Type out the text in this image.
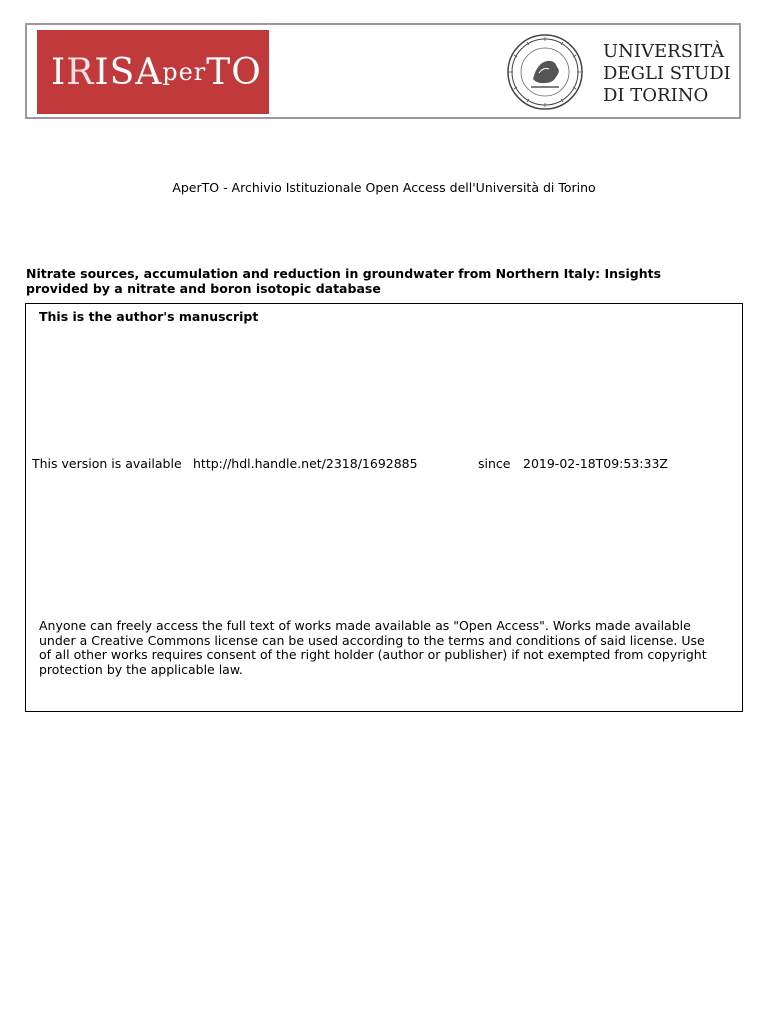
I R IS A per TO	UNIVERSITÀ
DEGLI STUDI
DI TORINO
AperTO - Archivio Istituzionale Open Access dell'Università di Torino
Nitrate sources, accumulation and reduction in groundwater from Northern Italy: Insights
provided by a nitrate and boron isotopic database
This is the author's manuscript
This version is available http://hdl.handle.net/2318/1692885	since 2019-02-18T09:53:33Z
Anyone can freely access the full text of works made available as "Open Access". Works made available
under a Creative Commons license can be used according to the terms and conditions of said license. Use
of all other works requires consent of the right holder (author or publisher) if not exempted from copyright
protection by the applicable law.
